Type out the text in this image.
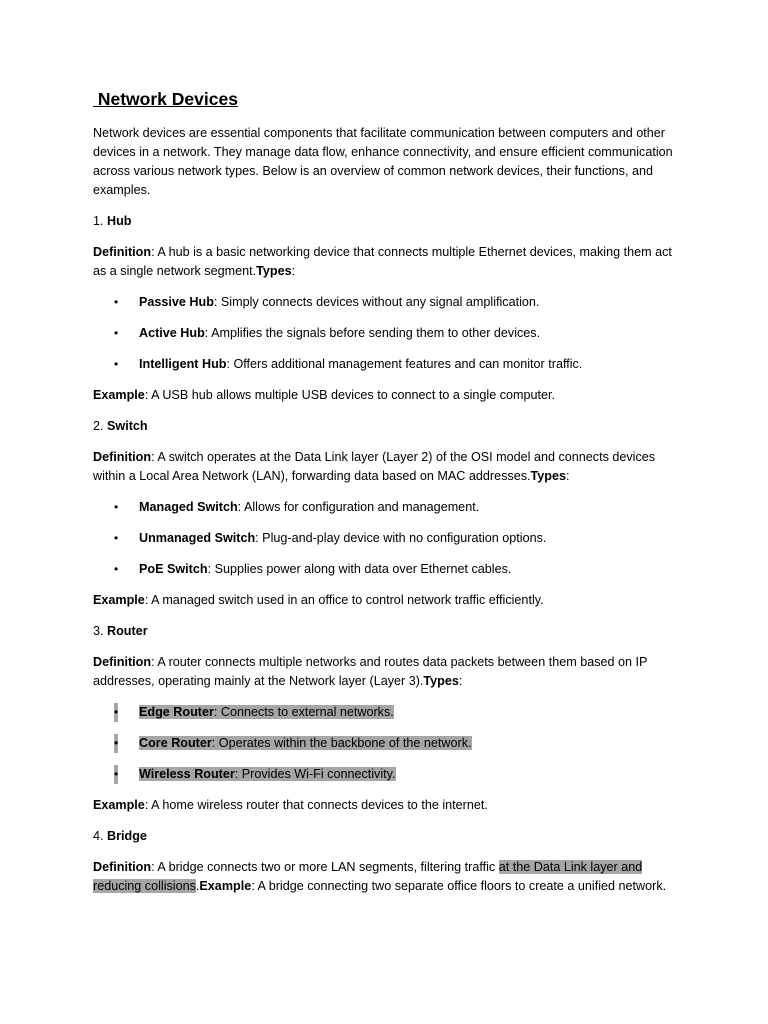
Network Devices

Network devices are essential components that facilitate communication between computers and other devices in a network. They manage data flow, enhance connectivity, and ensure efficient communication across various network types. Below is an overview of common network devices, their functions, and examples.

1. Hub

Definition: A hub is a basic networking device that connects multiple Ethernet devices, making them act as a single network segment.Types:

• Passive Hub: Simply connects devices without any signal amplification.
• Active Hub: Amplifies the signals before sending them to other devices.
• Intelligent Hub: Offers additional management features and can monitor traffic.

Example: A USB hub allows multiple USB devices to connect to a single computer.

2. Switch

Definition: A switch operates at the Data Link layer (Layer 2) of the OSI model and connects devices within a Local Area Network (LAN), forwarding data based on MAC addresses.Types:

• Managed Switch: Allows for configuration and management.
• Unmanaged Switch: Plug-and-play device with no configuration options.
• PoE Switch: Supplies power along with data over Ethernet cables.

Example: A managed switch used in an office to control network traffic efficiently.

3. Router

Definition: A router connects multiple networks and routes data packets between them based on IP addresses, operating mainly at the Network layer (Layer 3).Types:

• Edge Router: Connects to external networks.
• Core Router: Operates within the backbone of the network.
• Wireless Router: Provides Wi-Fi connectivity.

Example: A home wireless router that connects devices to the internet.

4. Bridge

Definition: A bridge connects two or more LAN segments, filtering traffic at the Data Link layer and reducing collisions.Example: A bridge connecting two separate office floors to create a unified network.
